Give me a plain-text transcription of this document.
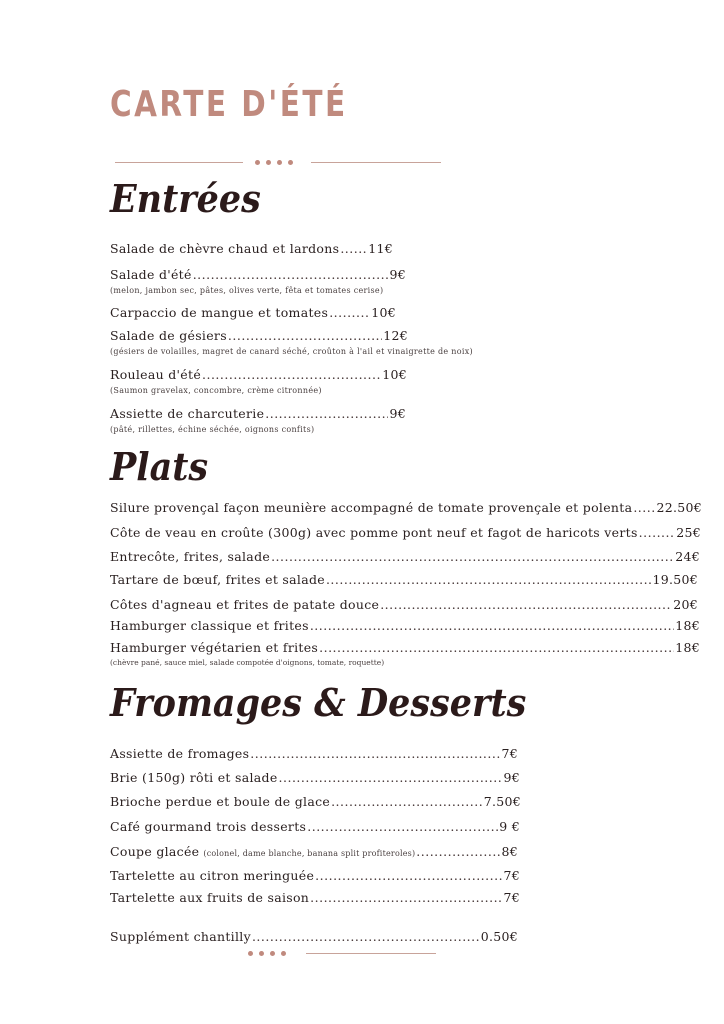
CARTE D'ÉTÉ
Entrées
Salade de chèvre chaud et lardons ..... 11€
Salade d'été .....	9€
(melon, jambon sec, pâtes, olives verte, fêta et tomates cerise)
Carpaccio de mangue et tomates .....	10€
Salade de gésiers .....	12€
(gésiers de volailles, magret de canard séché, croûton à l'ail et vinaigrette de noix)
Rouleau d'été .....	10€
(Saumon gravelax, concombre, crème citronnée)
Assiette de charcuterie .....	9€
(pâté, rillettes, échine séchée, oignons confits)
Plats
Silure provençal façon meunière accompagné de tomate provençale et polenta ..... 22.50€
Côte de veau en croûte (300g) avec pomme pont neuf et fagot de haricots verts .....	25€
Entrecôte, frites, salade .....	24€
Tartare de bœuf, frites et salade .....	19.50€
Côtes d'agneau et frites de patate douce .....	20€
Hamburger classique et frites .....	18€
Hamburger végétarien et frites .....	18€
(chèvre pané, sauce miel, salade compotée d'oignons, tomate, roquette)
Fromages & Desserts
Assiette de fromages .....	7€
Brie (150g) rôti et salade .....	9€
Brioche perdue et boule de glace .....	7.50€
Café gourmand trois desserts .....	9 €
Coupe glacée (colonel, dame blanche, banana split profiteroles) .....	8€
Tartelette au citron meringuée .....	7€
Tartelette aux fruits de saison .....	7€
Supplément chantilly .....	0.50€
